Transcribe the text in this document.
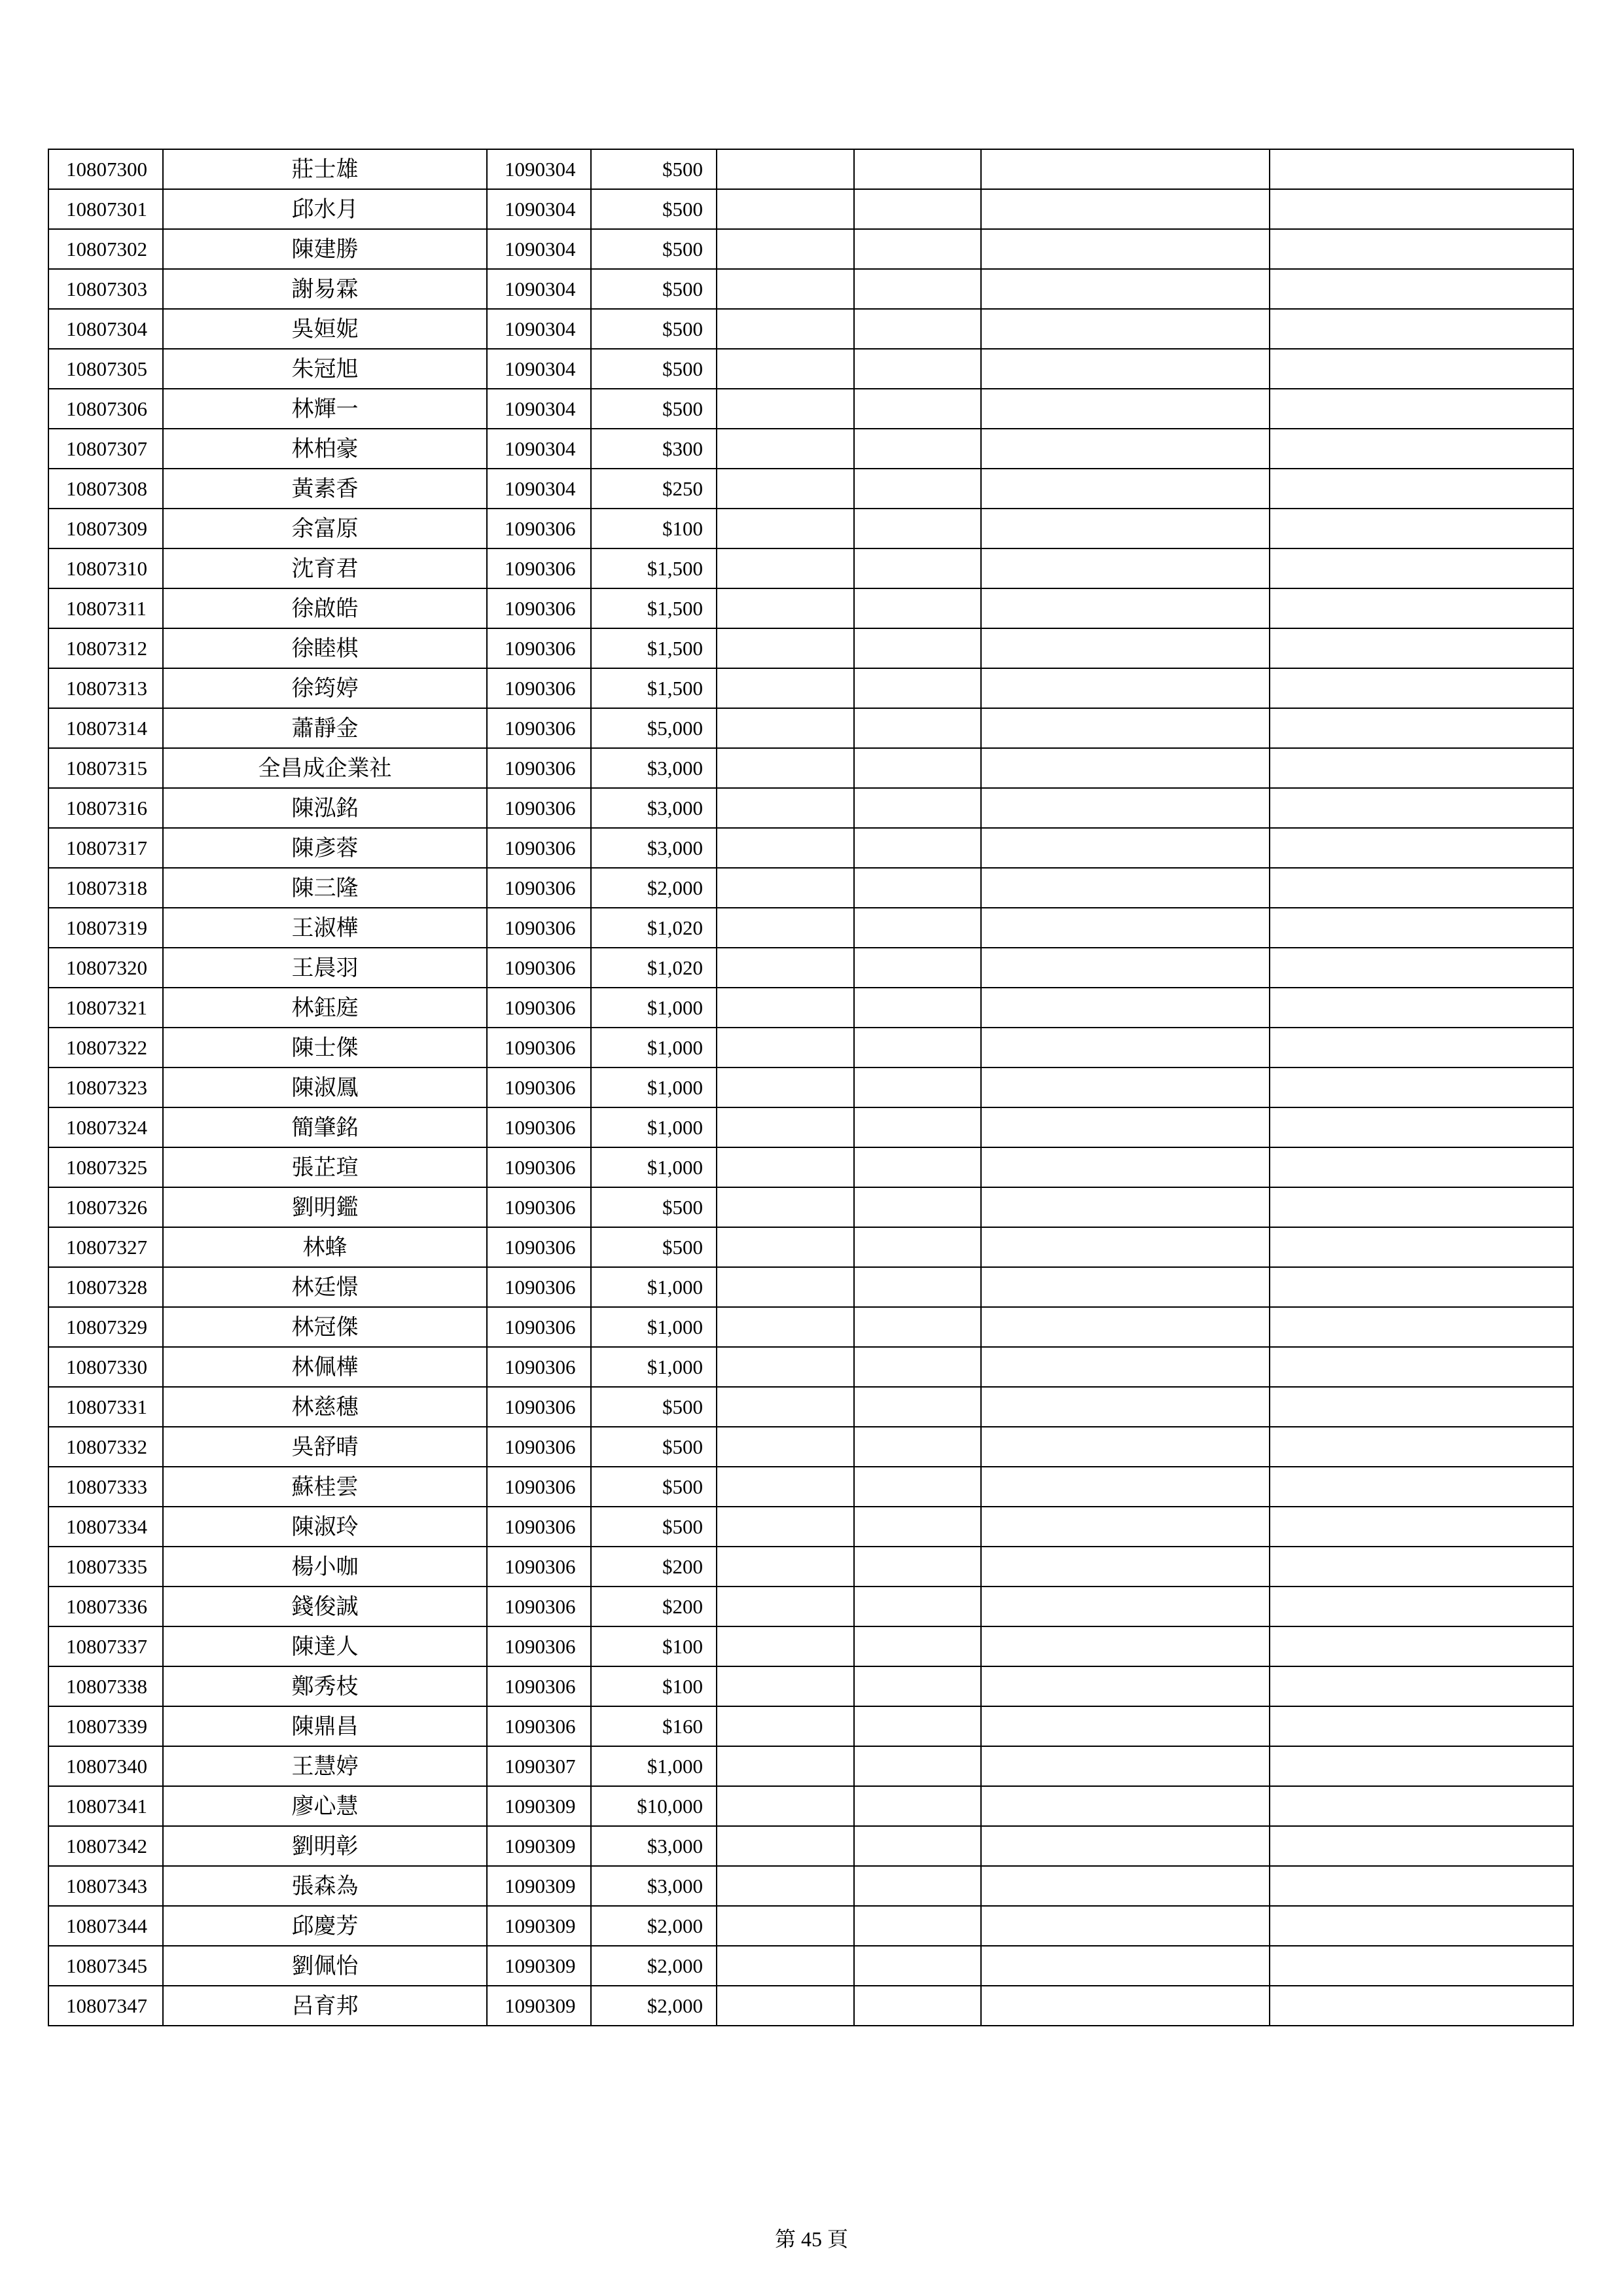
10807300	莊士雄	1090304	$500				
10807301	邱水月	1090304	$500				
10807302	陳建勝	1090304	$500				
10807303	謝易霖	1090304	$500				
10807304	吳姮妮	1090304	$500				
10807305	朱冠旭	1090304	$500				
10807306	林輝一	1090304	$500				
10807307	林柏豪	1090304	$300				
10807308	黃素香	1090304	$250				
10807309	余富原	1090306	$100				
10807310	沈育君	1090306	$1,500				
10807311	徐啟皓	1090306	$1,500				
10807312	徐睦棋	1090306	$1,500				
10807313	徐筠婷	1090306	$1,500				
10807314	蕭靜金	1090306	$5,000				
10807315	全昌成企業社	1090306	$3,000				
10807316	陳泓銘	1090306	$3,000				
10807317	陳彥蓉	1090306	$3,000				
10807318	陳三隆	1090306	$2,000				
10807319	王淑樺	1090306	$1,020				
10807320	王晨羽	1090306	$1,020				
10807321	林鈺庭	1090306	$1,000				
10807322	陳士傑	1090306	$1,000				
10807323	陳淑鳳	1090306	$1,000				
10807324	簡肇銘	1090306	$1,000				
10807325	張芷瑄	1090306	$1,000				
10807326	劉明鑑	1090306	$500				
10807327	林蜂	1090306	$500				
10807328	林廷憬	1090306	$1,000				
10807329	林冠傑	1090306	$1,000				
10807330	林佩樺	1090306	$1,000				
10807331	林慈穗	1090306	$500				
10807332	吳舒晴	1090306	$500				
10807333	蘇桂雲	1090306	$500				
10807334	陳淑玲	1090306	$500				
10807335	楊小咖	1090306	$200				
10807336	錢俊誠	1090306	$200				
10807337	陳達人	1090306	$100				
10807338	鄭秀枝	1090306	$100				
10807339	陳鼎昌	1090306	$160				
10807340	王慧婷	1090307	$1,000				
10807341	廖心慧	1090309	$10,000				
10807342	劉明彰	1090309	$3,000				
10807343	張森為	1090309	$3,000				
10807344	邱慶芳	1090309	$2,000				
10807345	劉佩怡	1090309	$2,000				
10807347	呂育邦	1090309	$2,000				
第 45 頁
